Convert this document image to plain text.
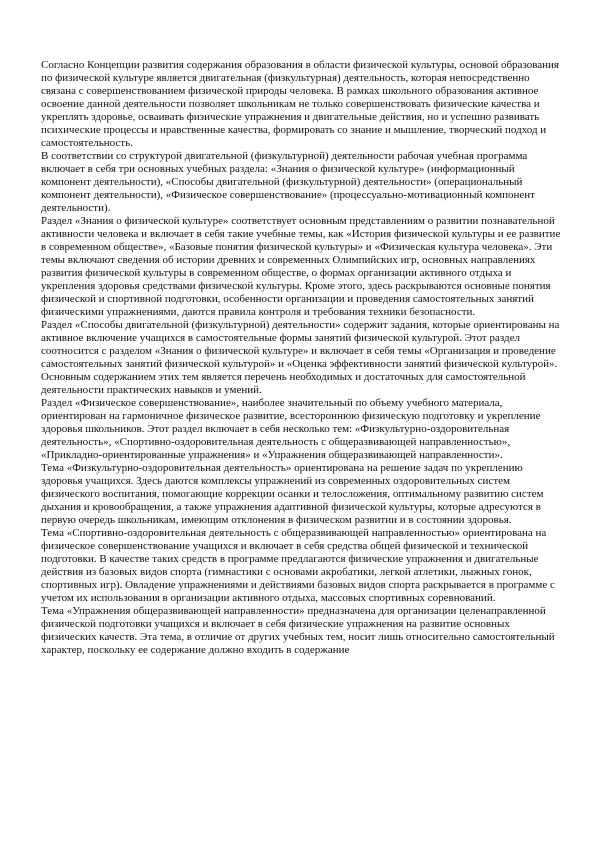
Согласно Концепции развития содержания образования в области физической культуры, основой образования по физической культуре является двигательная (физкультурная) деятельность, которая непосредственно связана с совершенствованием физической природы человека. В рамках школьного образования активное освоение данной деятельности позволяет школьникам не только совершенствовать физические качества и укреплять здоровье, осваивать физические упражнения и двигательные действия, но и успешно развивать психические процессы и нравственные качества, формировать со знание и мышление, творческий подход и самостоятельность.

В соответствии со структурой двигательной (физкультурной) деятельности рабочая учебная программа включает в себя три основных учебных раздела: «Знания о физической культуре» (информационный компонент деятельности), «Способы двигательной (физкультурной) деятельности» (операциональный компонент деятельности), «Физическое совершенствование» (процессуально-мотивационный компонент деятельности).

Раздел «Знания о физической культуре» соответствует основным представлениям о развитии познавательной активности человека и включает в себя такие учебные темы, как «История физической культуры и ее развитие в современном обществе», «Базовые понятия физической культуры» и «Физическая культура человека». Эти темы включают сведения об истории древних и современных Олимпийских игр, основных направлениях развития физической культуры в современном обществе, о формах организации активного отдыха и укрепления здоровья средствами физической культуры. Кроме этого, здесь раскрываются основные понятия физической и спортивной подготовки, особенности организации и проведения самостоятельных занятий физическими упражнениями, даются правила контроля и требования техники безопасности.

Раздел «Способы двигательной (физкультурной) деятельности» содержит задания, которые ориентированы на активное включение учащихся в самостоятельные формы занятий физической культурой. Этот раздел соотносится с разделом «Знания о физической культуре» и включает в себя темы «Организация и проведение самостоятельных занятий физической культурой» и «Оценка эффективности занятий физической культурой». Основным содержанием этих тем является перечень необходимых и достаточных для самостоятельной деятельности практических навыков и умений.

Раздел «Физическое совершенствование», наиболее значительный по объему учебного материала, ориентирован на гармоничное физическое развитие, всестороннюю физическую подготовку и укрепление здоровья школьников. Этот раздел включает в себя несколько тем: «Физкультурно-оздоровительная деятельность», «Спортивно-оздоровительная деятельность с общеразвивающей направленностью», «Прикладно-ориентированные упражнения» и «Упражнения общеразвивающей направленности».

Тема «Физкультурно-оздоровительная деятельность» ориентирована на решение задач по укреплению здоровья учащихся. Здесь даются комплексы упражнений из современных оздоровительных систем физического воспитания, помогающие коррекции осанки и телосложения, оптимальному развитию систем дыхания и кровообращения, а также упражнения адаптивной физической культуры, которые адресуются в первую очередь школьникам, имеющим отклонения в физическом развитии и в состоянии здоровья.

Тема «Спортивно-оздоровительная деятельность с общеразвивающей направленностью» ориентирована на физическое совершенствование учащихся и включает в себя средства общей физической и технической подготовки. В качестве таких средств в программе предлагаются физические упражнения и двигательные действия из базовых видов спорта (гимнастики с основами акробатики, легкой атлетики, лыжных гонок, спортивных игр). Овладение упражнениями и действиями базовых видов спорта раскрывается в программе с учетом их использования в организации активного отдыха, массовых спортивных соревнований.

Тема «Упражнения общеразвивающей направленности» предназначена для организации целенаправленной физической подготовки учащихся и включает в себя физические упражнения на развитие основных физических качеств. Эта тема, в отличие от других учебных тем, носит лишь относительно самостоятельный характер, поскольку ее содержание должно входить в содержание
